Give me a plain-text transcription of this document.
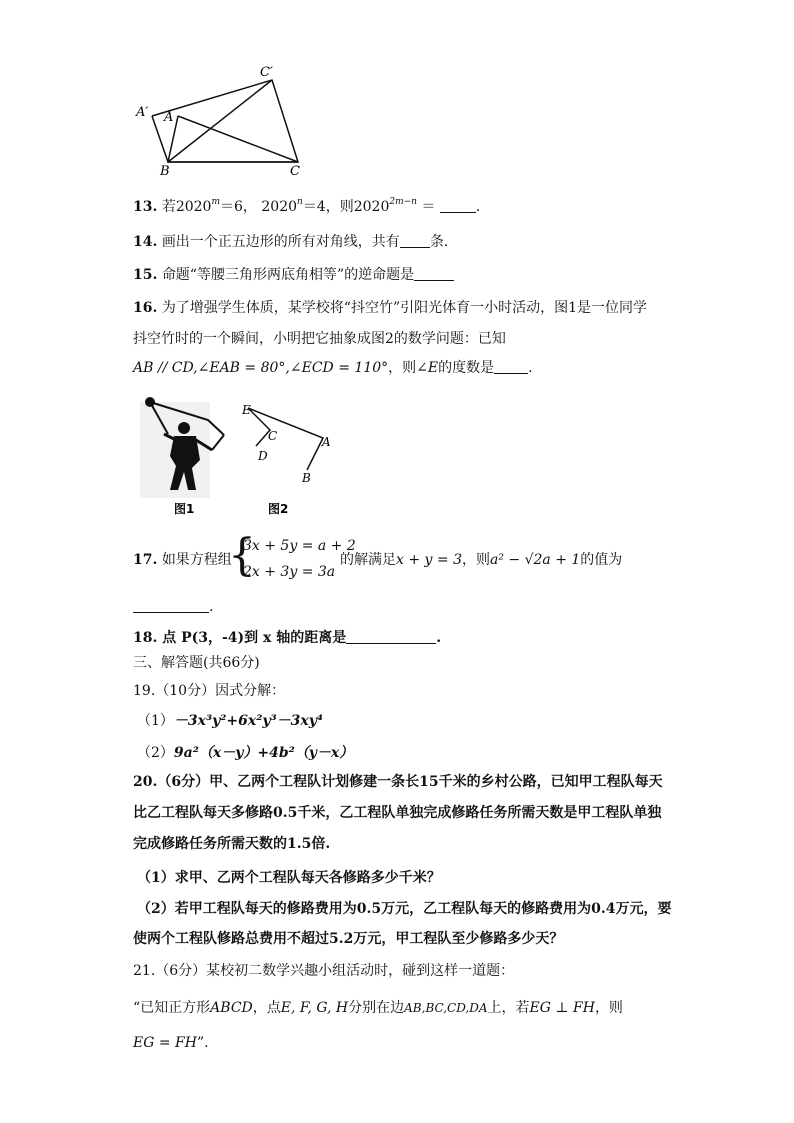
C′
A′ A
B	C
13. 若$2020^m=6$， $2020^n=4$，则$2020^{2m-n}$ ＝	.
14. 画出一个正五边形的所有对角线，共有 条.
15. 命题“等腰三角形两底角相等”的逆命题是
16. 为了增强学生体质，某学校将“抖空竹”引阳光体育一小时活动，图1是一位同学
抖空竹时的一个瞬间，小明把它抽象成图2的数学问题：已知
AB // CD,∠EAB = 80°,∠ECD = 110°，则∠E的度数是 .
图1
E
C
D
A
B
图2
17. 如果方程组
{
3x + 5y = a + 2
2x + 3y = 3a
的解满足x + y = 3，则a² − √2a + 1的值为
.
18. 点 P(3，-4)到 x 轴的距离是	.
三、解答题(共66分)
19.（10分）因式分解：
（1）－3x³y²+6x²y³－3xy⁴
（2）9a²（x－y）+4b²（y－x）
20.（6分）甲、乙两个工程队计划修建一条长15千米的乡村公路，已知甲工程队每天
比乙工程队每天多修路0.5千米，乙工程队单独完成修路任务所需天数是甲工程队单独
完成修路任务所需天数的1.5倍.
（1）求甲、乙两个工程队每天各修路多少千米？
（2）若甲工程队每天的修路费用为0.5万元，乙工程队每天的修路费用为0.4万元，要
使两个工程队修路总费用不超过5.2万元，甲工程队至少修路多少天？
21.（6分）某校初二数学兴趣小组活动时，碰到这样一道题：
“已知正方形ABCD，点E, F, G, H分别在边AB,BC,CD,DA上，若EG ⊥ FH，则
EG = FH”.
